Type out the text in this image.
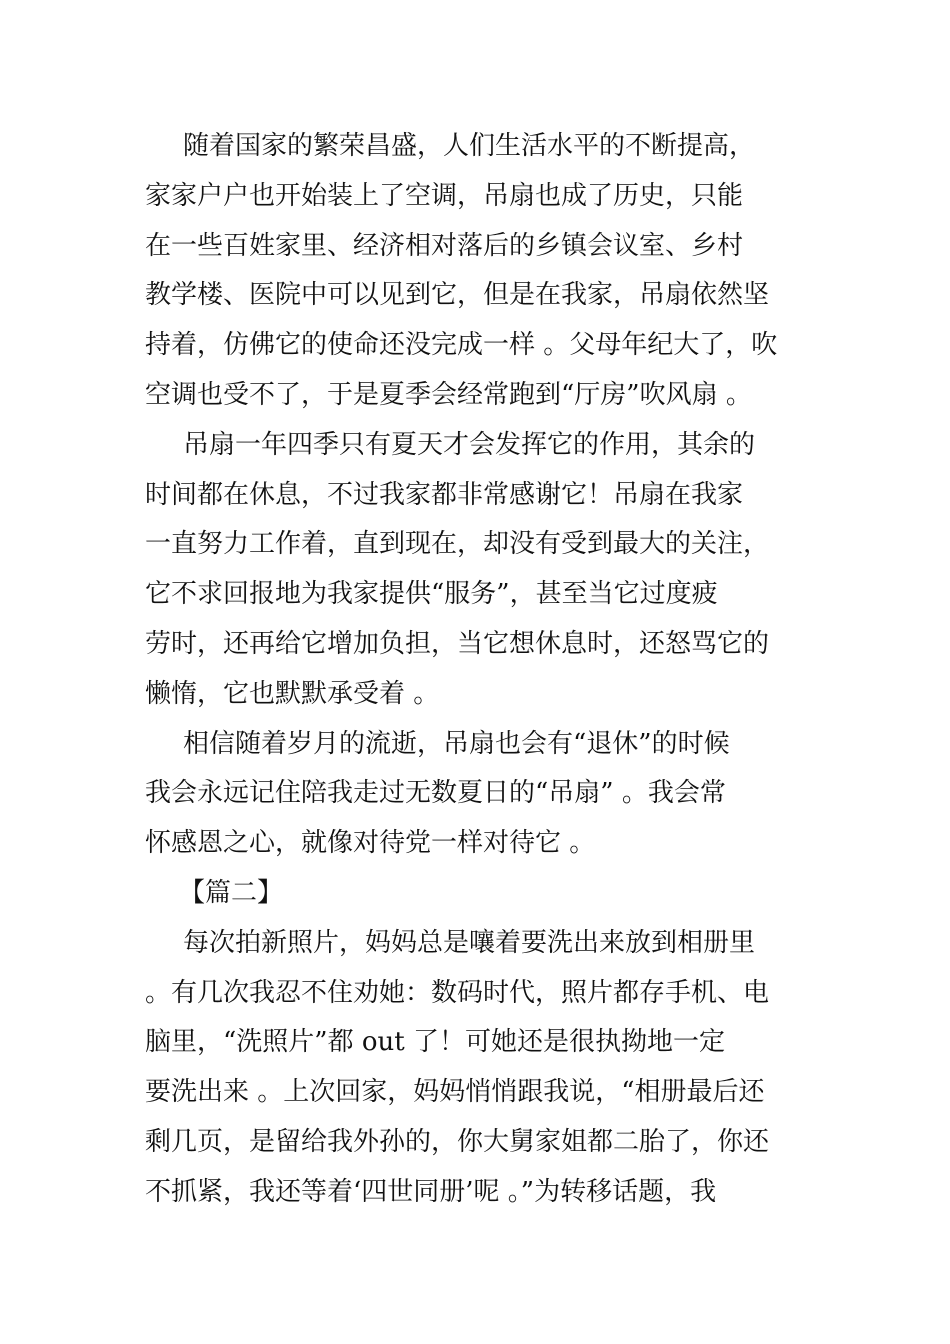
随着国家的繁荣昌盛，人们生活水平的不断提高，
家家户户也开始装上了空调，吊扇也成了历史，只能
在一些百姓家里、经济相对落后的乡镇会议室、乡村
教学楼、医院中可以见到它，但是在我家，吊扇依然坚
持着，仿佛它的使命还没完成一样 。父母年纪大了，吹
空调也受不了，于是夏季会经常跑到“厅房”吹风扇 。
吊扇一年四季只有夏天才会发挥它的作用，其余的
时间都在休息，不过我家都非常感谢它！吊扇在我家
一直努力工作着，直到现在，却没有受到最大的关注，
它不求回报地为我家提供“服务”，甚至当它过度疲
劳时，还再给它增加负担，当它想休息时，还怒骂它的
懒惰，它也默默承受着 。
相信随着岁月的流逝，吊扇也会有“退休”的时候
我会永远记住陪我走过无数夏日的“吊扇” 。我会常
怀感恩之心，就像对待党一样对待它 。
【篇二】
每次拍新照片，妈妈总是嚷着要洗出来放到相册里
。有几次我忍不住劝她：数码时代，照片都存手机、电
脑里，“洗照片”都 out 了！可她还是很执拗地一定
要洗出来 。上次回家，妈妈悄悄跟我说，“相册最后还
剩几页，是留给我外孙的，你大舅家姐都二胎了，你还
不抓紧，我还等着‘四世同册’呢 。”为转移话题，我
